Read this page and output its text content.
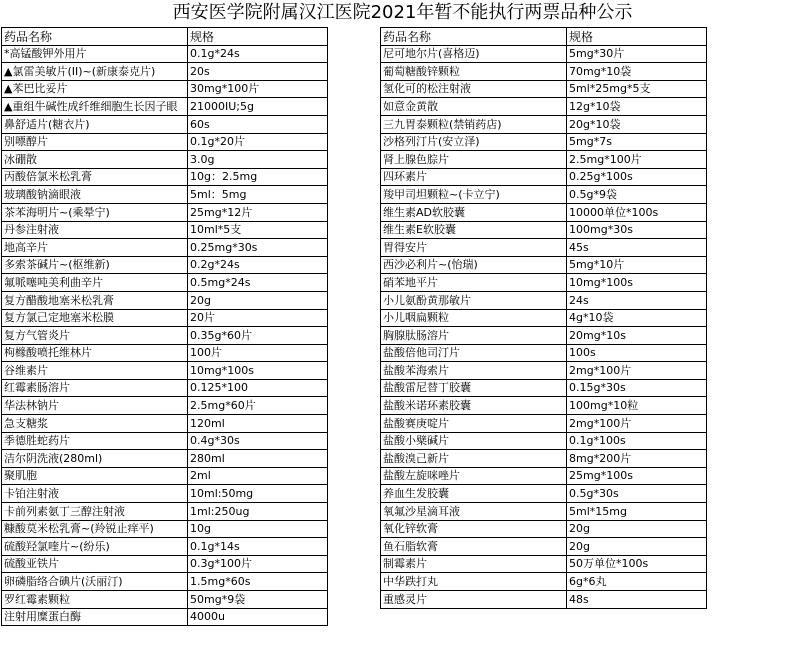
西安医学院附属汉江医院2021年暂不能执行两票品种公示
药品名称	规格
*高锰酸钾外用片	0.1g*24s
▲氯雷美敏片(II)~(新康泰克片)	20s
▲苯巴比妥片	30mg*100片
▲重组牛碱性成纤维细胞生长因子眼	21000IU;5g
鼻舒适片(糖衣片)	60s
别嘌醇片	0.1g*20片
冰硼散	3.0g
丙酸倍氯米松乳膏	10g：2.5mg
玻璃酸钠滴眼液	5ml：5mg
茶苯海明片~(乘晕宁)	25mg*12片
丹参注射液	10ml*5支
地高辛片	0.25mg*30s
多索茶碱片~(枢维新)	0.2g*24s
氟哌噻吨美利曲辛片	0.5mg*24s
复方醋酸地塞米松乳膏	20g
复方氯己定地塞米松膜	20片
复方气管炎片	0.35g*60片
枸橼酸喷托维林片	100片
谷维素片	10mg*100s
红霉素肠溶片	0.125*100
华法林钠片	2.5mg*60片
急支糖浆	120ml
季德胜蛇药片	0.4g*30s
洁尔阴洗液(280ml)	280ml
聚肌胞	2ml
卡铂注射液	10ml:50mg
卡前列素氨丁三醇注射液	1ml:250ug
糠酸莫米松乳膏~(羚锐止痒平)	10g
硫酸羟氯喹片~(纷乐)	0.1g*14s
硫酸亚铁片	0.3g*100片
卵磷脂络合碘片(沃丽汀)	1.5mg*60s
罗红霉素颗粒	50mg*9袋
注射用糜蛋白酶	4000u
药品名称	规格
尼可地尔片(喜格迈)	5mg*30片
葡萄糖酸锌颗粒	70mg*10袋
氢化可的松注射液	5ml*25mg*5支
如意金黄散	12g*10袋
三九胃泰颗粒(禁销药店)	20g*10袋
沙格列汀片(安立泽)	5mg*7s
肾上腺色腙片	2.5mg*100片
四环素片	0.25g*100s
羧甲司坦颗粒~(卡立宁)	0.5g*9袋
维生素AD软胶囊	10000单位*100s
维生素E软胶囊	100mg*30s
胃得安片	45s
西沙必利片~(怡瑞)	5mg*10片
硝苯地平片	10mg*100s
小儿氨酚黄那敏片	24s
小儿咽扁颗粒	4g*10袋
胸腺肽肠溶片	20mg*10s
盐酸倍他司汀片	100s
盐酸苯海索片	2mg*100片
盐酸雷尼替丁胶囊	0.15g*30s
盐酸米诺环素胶囊	100mg*10粒
盐酸赛庚啶片	2mg*100片
盐酸小檗碱片	0.1g*100s
盐酸溴己新片	8mg*200片
盐酸左旋咪唑片	25mg*100s
养血生发胶囊	0.5g*30s
氧氟沙星滴耳液	5ml*15mg
氧化锌软膏	20g
鱼石脂软膏	20g
制霉素片	50万单位*100s
中华跌打丸	6g*6丸
重感灵片	48s
